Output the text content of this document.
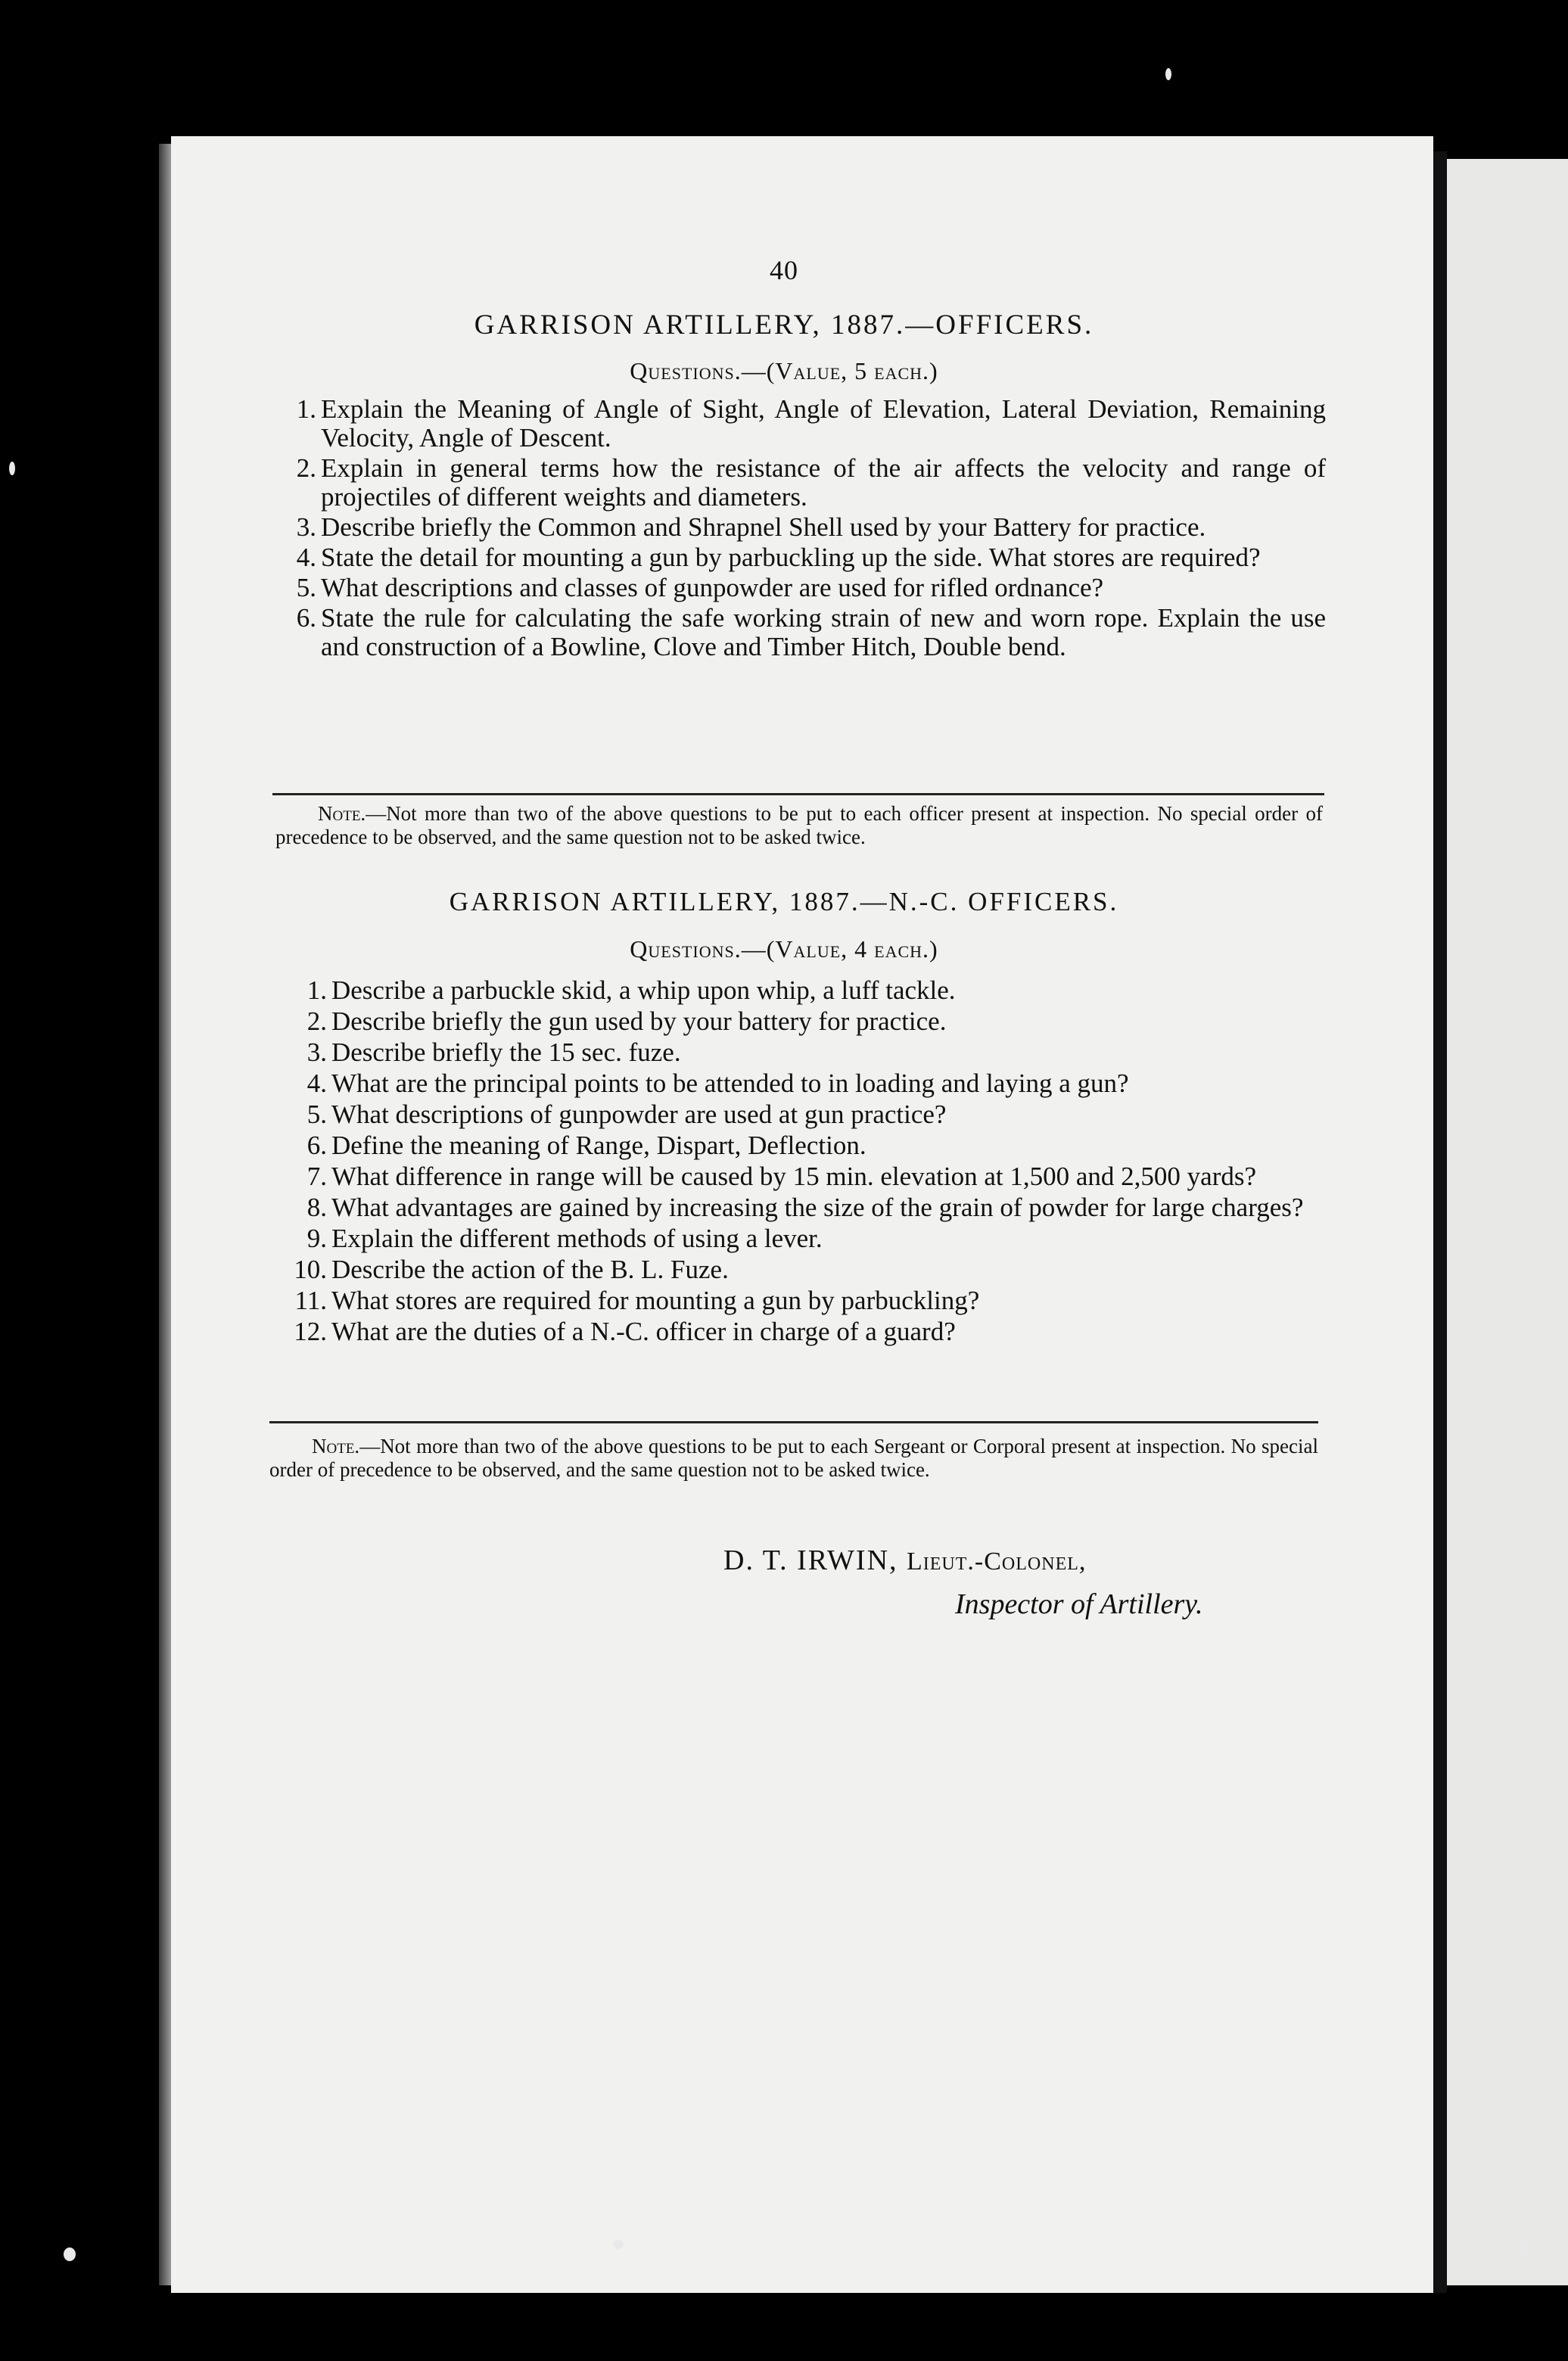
40
GARRISON ARTILLERY, 1887.—OFFICERS.
Questions.—(Value, 5 each.)
1. Explain the Meaning of Angle of Sight, Angle of Elevation, Lateral Deviation, Remaining Velocity, Angle of Descent.
2. Explain in general terms how the resistance of the air affects the velocity and range of projectiles of different weights and diameters.
3. Describe briefly the Common and Shrapnel Shell used by your Battery for practice.
4. State the detail for mounting a gun by parbuckling up the side. What stores are required?
5. What descriptions and classes of gunpowder are used for rifled ordnance?
6. State the rule for calculating the safe working strain of new and worn rope. Explain the use and construction of a Bowline, Clove and Timber Hitch, Double bend.
Note.—Not more than two of the above questions to be put to each officer present at inspection. No special order of precedence to be observed, and the same question not to be asked twice.
GARRISON ARTILLERY, 1887.—N.-C. OFFICERS.
Questions.—(Value, 4 each.)
1. Describe a parbuckle skid, a whip upon whip, a luff tackle.
2. Describe briefly the gun used by your battery for practice.
3. Describe briefly the 15 sec. fuze.
4. What are the principal points to be attended to in loading and laying a gun?
5. What descriptions of gunpowder are used at gun practice?
6. Define the meaning of Range, Dispart, Deflection.
7. What difference in range will be caused by 15 min. elevation at 1,500 and 2,500 yards?
8. What advantages are gained by increasing the size of the grain of powder for large charges?
9. Explain the different methods of using a lever.
10. Describe the action of the B. L. Fuze.
11. What stores are required for mounting a gun by parbuckling?
12. What are the duties of a N.-C. officer in charge of a guard?
Note.—Not more than two of the above questions to be put to each Sergeant or Corporal present at inspection. No special order of precedence to be observed, and the same question not to be asked twice.
D. T. IRWIN, Lieut.-Colonel,
Inspector of Artillery.
